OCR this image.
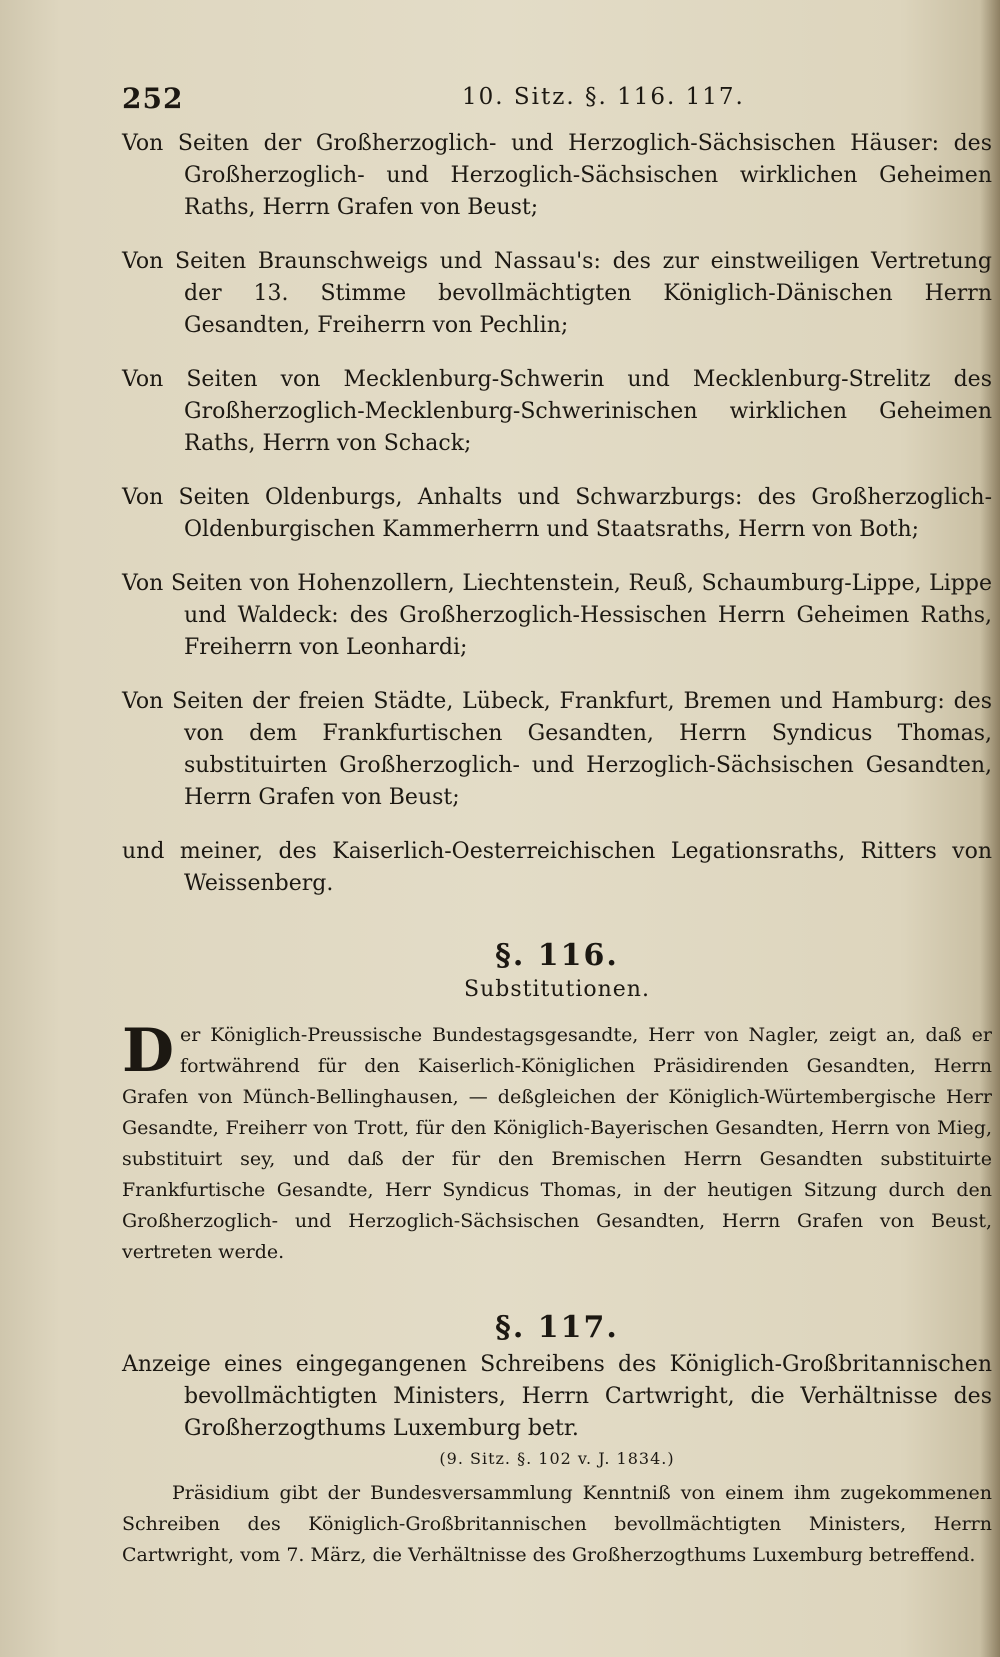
252	10. Sitz. §. 116. 117.

Von Seiten der Großherzoglich- und Herzoglich-Sächsischen Häuser: des Großherzoglich- und Herzoglich-Sächsischen wirklichen Geheimen Raths, Herrn Grafen von Beust;

Von Seiten Braunschweigs und Nassau's: des zur einstweiligen Vertretung der 13. Stimme bevollmächtigten Königlich-Dänischen Herrn Gesandten, Freiherrn von Pechlin;

Von Seiten von Mecklenburg-Schwerin und Mecklenburg-Strelitz des Großherzoglich-Mecklenburg-Schwerinischen wirklichen Geheimen Raths, Herrn von Schack;

Von Seiten Oldenburgs, Anhalts und Schwarzburgs: des Großherzoglich-Oldenburgischen Kammerherrn und Staatsraths, Herrn von Both;

Von Seiten von Hohenzollern, Liechtenstein, Reuß, Schaumburg-Lippe, Lippe und Waldeck: des Großherzoglich-Hessischen Herrn Geheimen Raths, Freiherrn von Leonhardi;

Von Seiten der freien Städte, Lübeck, Frankfurt, Bremen und Hamburg: des von dem Frankfurtischen Gesandten, Herrn Syndicus Thomas, substituirten Großherzoglich- und Herzoglich-Sächsischen Gesandten, Herrn Grafen von Beust;

und meiner, des Kaiserlich-Oesterreichischen Legationsraths, Ritters von Weissenberg.

§. 116.
Substitutionen.

Der Königlich-Preussische Bundestagsgesandte, Herr von Nagler, zeigt an, daß er fortwährend für den Kaiserlich-Königlichen Präsidirenden Gesandten, Herrn Grafen von Münch-Bellinghausen, — deßgleichen der Königlich-Würtembergische Herr Gesandte, Freiherr von Trott, für den Königlich-Bayerischen Gesandten, Herrn von Mieg, substituirt sey, und daß der für den Bremischen Herrn Gesandten substituirte Frankfurtische Gesandte, Herr Syndicus Thomas, in der heutigen Sitzung durch den Großherzoglich- und Herzoglich-Sächsischen Gesandten, Herrn Grafen von Beust, vertreten werde.

§. 117.

Anzeige eines eingegangenen Schreibens des Königlich-Großbritannischen bevollmächtigten Ministers, Herrn Cartwright, die Verhältnisse des Großherzogthums Luxemburg betr.

(9. Sitz. §. 102 v. J. 1834.)

Präsidium gibt der Bundesversammlung Kenntniß von einem ihm zugekommenen Schreiben des Königlich-Großbritannischen bevollmächtigten Ministers, Herrn Cartwright, vom 7. März, die Verhältnisse des Großherzogthums Luxemburg betreffend.
